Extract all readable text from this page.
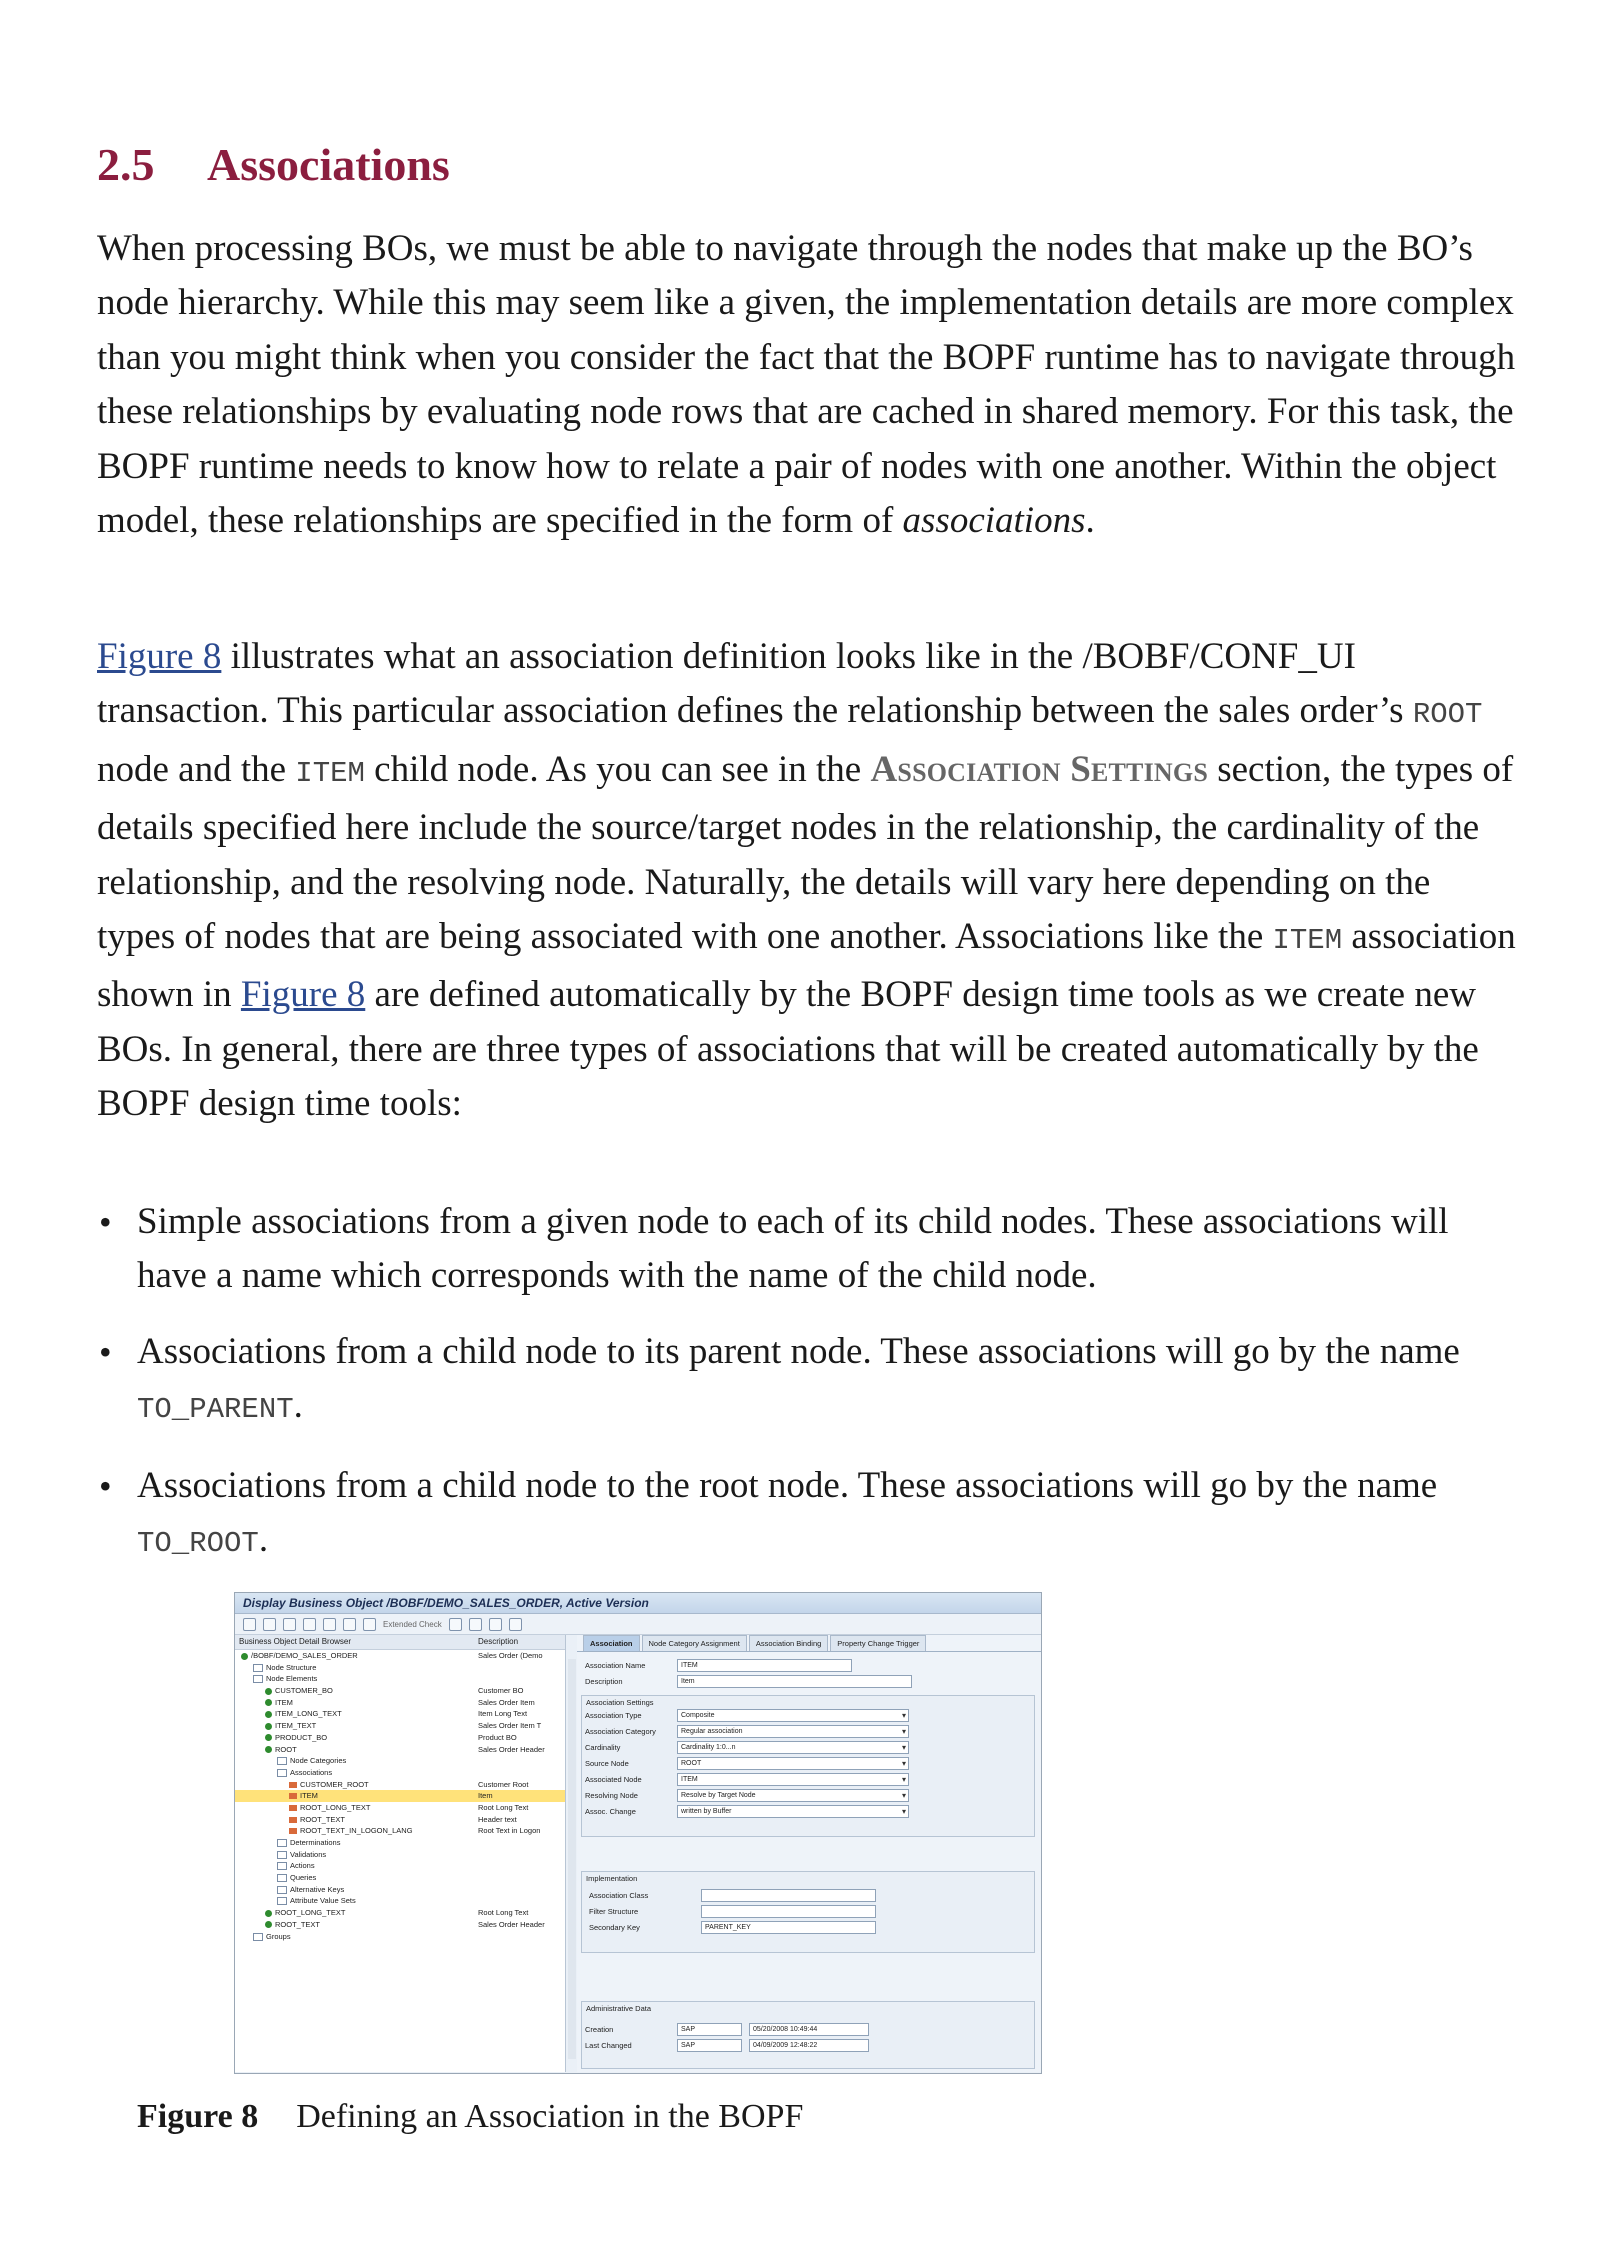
2.5 Associations

When processing BOs, we must be able to navigate through the nodes that make up the BO’s node hierarchy. While this may seem like a given, the implementation details are more complex than you might think when you consider the fact that the BOPF runtime has to navigate through these relationships by evaluating node rows that are cached in shared memory. For this task, the BOPF runtime needs to know how to relate a pair of nodes with one another. Within the object model, these relationships are specified in the form of associations.

Figure 8 illustrates what an association definition looks like in the /BOBF/CONF_UI transaction. This particular association defines the relationship between the sales order’s ROOT node and the ITEM child node. As you can see in the Association Settings section, the types of details specified here include the source/target nodes in the relationship, the cardinality of the relationship, and the resolving node. Naturally, the details will vary here depending on the types of nodes that are being associated with one another. Associations like the ITEM association shown in Figure 8 are defined automatically by the BOPF design time tools as we create new BOs. In general, there are three types of associations that will be created automatically by the BOPF design time tools:

• Simple associations from a given node to each of its child nodes. These associations will have a name which corresponds with the name of the child node.
• Associations from a child node to its parent node. These associations will go by the name TO_PARENT.
• Associations from a child node to the root node. These associations will go by the name TO_ROOT.
Display Business Object /BOBF/DEMO_SALES_ORDER, Active Version
Extended Check
Business Object Detail Browser	Description
/BOBF/DEMO_SALES_ORDER	Sales Order (Demo
Node Structure
Node Elements
CUSTOMER_BO	Customer BO
ITEM	Sales Order Item
ITEM_LONG_TEXT	Item Long Text
ITEM_TEXT	Sales Order Item T
PRODUCT_BO	Product BO
ROOT	Sales Order Header
Node Categories
Associations
CUSTOMER_ROOT	Customer Root
ITEM	Item
ROOT_LONG_TEXT	Root Long Text
ROOT_TEXT	Header text
ROOT_TEXT_IN_LOGON_LANG	Root Text in Logon
Determinations
Validations
Actions
Queries
Alternative Keys
Attribute Value Sets
ROOT_LONG_TEXT	Root Long Text
ROOT_TEXT	Sales Order Header
Groups
Association	Node Category Assignment	Association Binding	Property Change Trigger
Association Name	ITEM
Description	Item
Association Settings
Association Type	Composite ▾
Association Category	Regular association ▾
Cardinality	Cardinality 1:0...n ▾
Source Node	ROOT ▾
Associated Node	ITEM ▾
Resolving Node	Resolve by Target Node ▾
Assoc. Change	written by Buffer ▾
Implementation
Association Class
Filter Structure
Secondary Key	PARENT_KEY
Administrative Data
Creation	SAP	05/20/2008 10:49:44
Last Changed	SAP	04/09/2009 12:48:22
Figure 8 Defining an Association in the BOPF
